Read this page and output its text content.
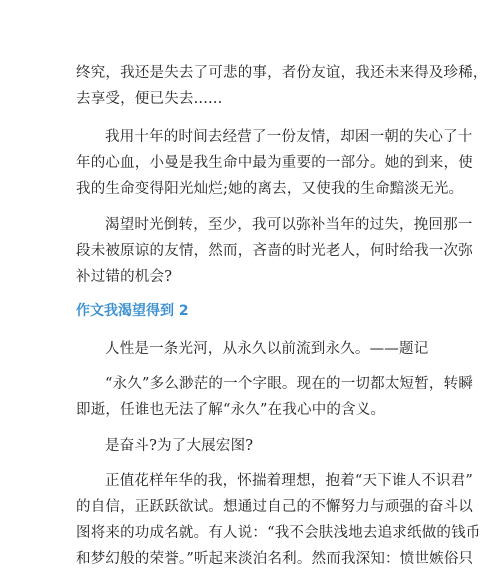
终究，我还是失去了可悲的事，者份友谊，我还未来得及珍稀，
去享受，便已失去......

我用十年的时间去经营了一份友情，却困一朝的失心了十
年的心血，小曼是我生命中最为重要的一部分。她的到来，使
我的生命变得阳光灿烂;她的离去，又使我的生命黯淡无光。

渴望时光倒转，至少，我可以弥补当年的过失，挽回那一
段未被原谅的友情，然而，吝啬的时光老人，何时给我一次弥
补过错的机会?

作文我渴望得到 2

人性是一条光河，从永久以前流到永久。——题记

“永久”多么渺茫的一个字眼。现在的一切都太短暂，转瞬
即逝，任谁也无法了解“永久”在我心中的含义。

是奋斗?为了大展宏图?

正值花样年华的我，怀揣着理想，抱着“天下谁人不识君”
的自信，正跃跃欲试。想通过自己的不懈努力与顽强的奋斗以
图将来的功成名就。有人说：“我不会肤浅地去追求纸做的钱币
和梦幻般的荣誉。”听起来淡泊名利。然而我深知：愤世嫉俗只
